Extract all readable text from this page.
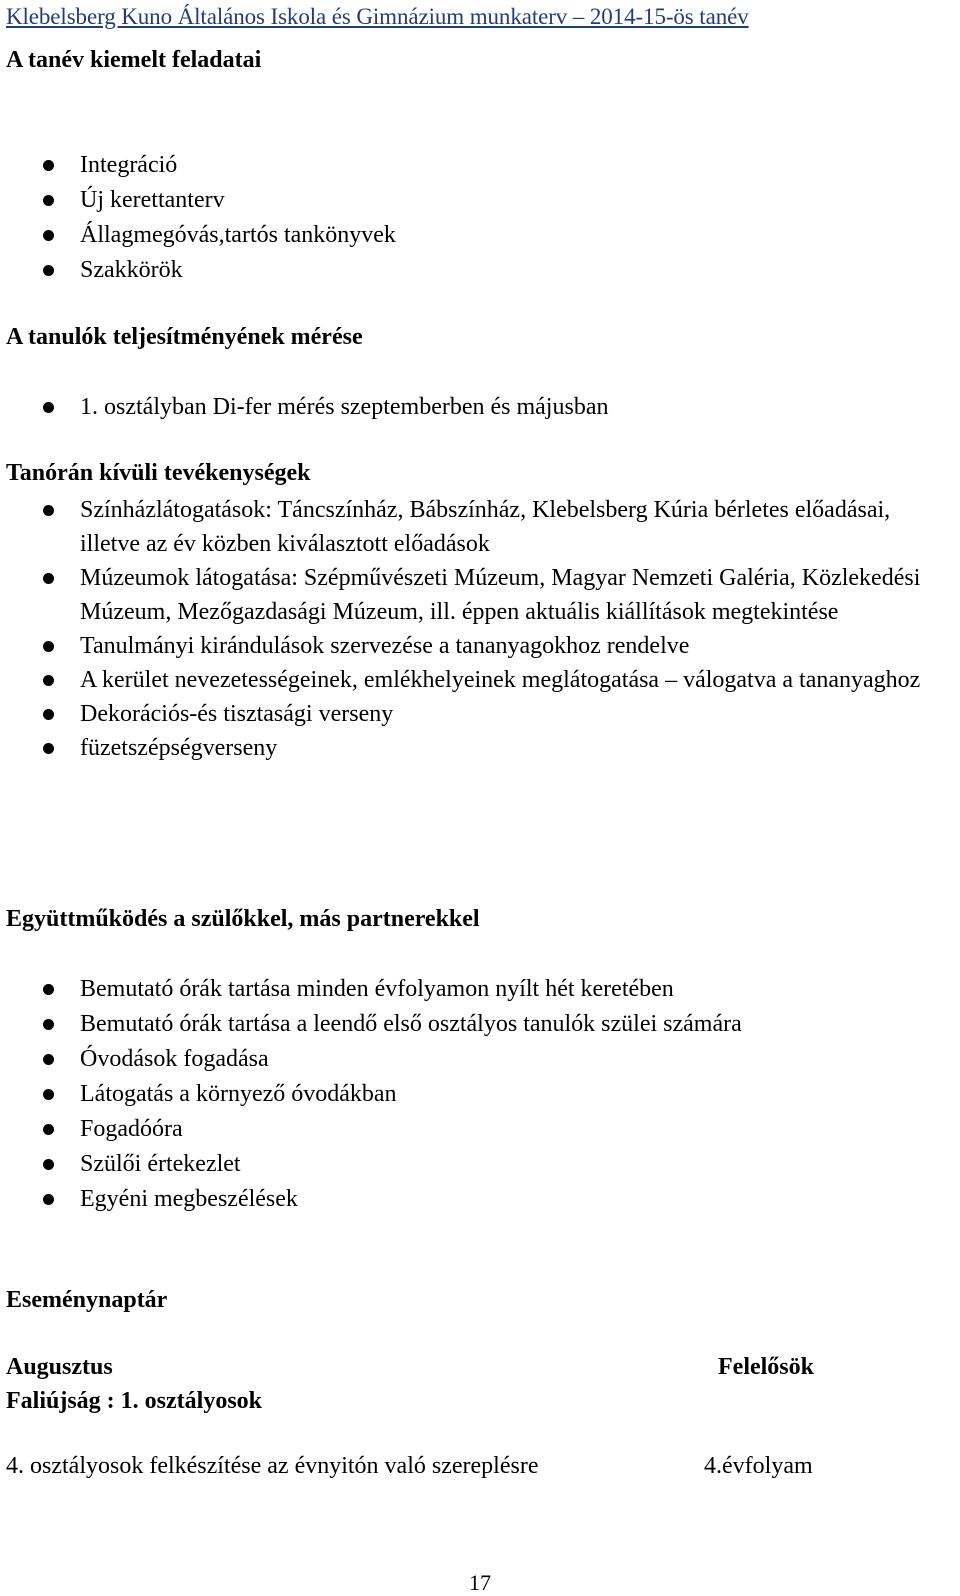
Klebelsberg Kuno Általános Iskola és Gimnázium munkaterv – 2014-15-ös tanév
A tanév kiemelt feladatai
Integráció
Új kerettanterv
Állagmegóvás,tartós tankönyvek
Szakkörök
A tanulók teljesítményének mérése
1. osztályban Di-fer mérés szeptemberben és májusban
Tanórán kívüli tevékenységek
Színházlátogatások: Táncszínház, Bábszínház, Klebelsberg Kúria bérletes előadásai, illetve az év közben kiválasztott előadások
Múzeumok látogatása: Szépművészeti Múzeum, Magyar Nemzeti Galéria, Közlekedési Múzeum, Mezőgazdasági Múzeum, ill. éppen aktuális kiállítások megtekintése
Tanulmányi kirándulások szervezése a tananyagokhoz rendelve
A kerület nevezetességeinek, emlékhelyeinek meglátogatása – válogatva a tananyaghoz
Dekorációs-és tisztasági verseny
füzetszépségverseny
Együttműködés a szülőkkel, más partnerekkel
Bemutató órák tartása minden évfolyamon nyílt hét keretében
Bemutató órák tartása a leendő első osztályos tanulók szülei számára
Óvodások fogadása
Látogatás a környező óvodákban
Fogadóóra
Szülői értekezlet
Egyéni megbeszélések
Eseménynaptár
Augusztus	Felelősök
Faliújság : 1. osztályosok
4. osztályosok felkészítése az évnyitón való szereplésre	4.évfolyam
17
